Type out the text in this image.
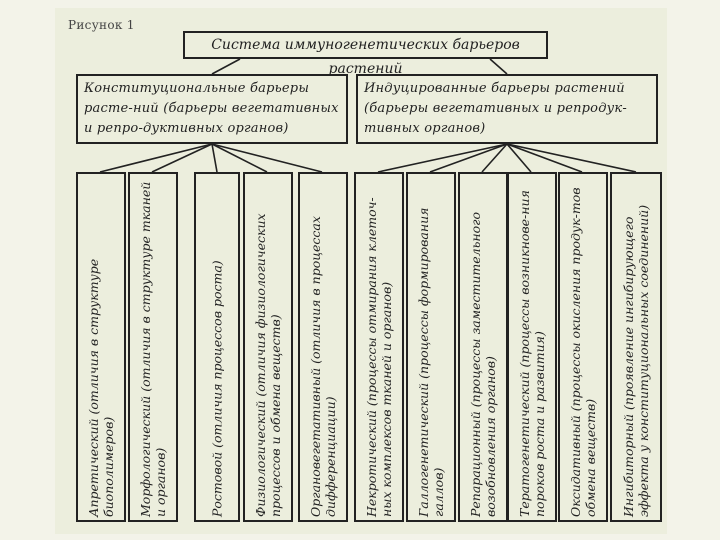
Рисунок 1
Система иммуногенетических барьеров растений
Конституциональные барьеры расте-ний (барьеры вегетативных и репро-дуктивных органов)
Индуцированные барьеры растений (барьеры вегетативных и репродук-тивных органов)
Апретический (отличия в структуре биополимеров) Морфологический (отличия в структуре тканей и органов)	Ростовой (отличия процессов роста) Физиологический (отличия физиологических процессов и обмена веществ) Органовегетативный (отличия в процессах дифференциации) Некротический (процессы отмирания клеточ-ных комплексов тканей и органов) Галлогенетический (процессы формирования галлов) Репарационный (процессы заместительного возобновления органов) Тератогенетический (процессы возникнове-ния пороков роста и развития) Оксидативный (процессы окисления продук-тов обмена веществ) Ингибиторный (проявление ингибирующего эффекта у конституциональных соединений)
